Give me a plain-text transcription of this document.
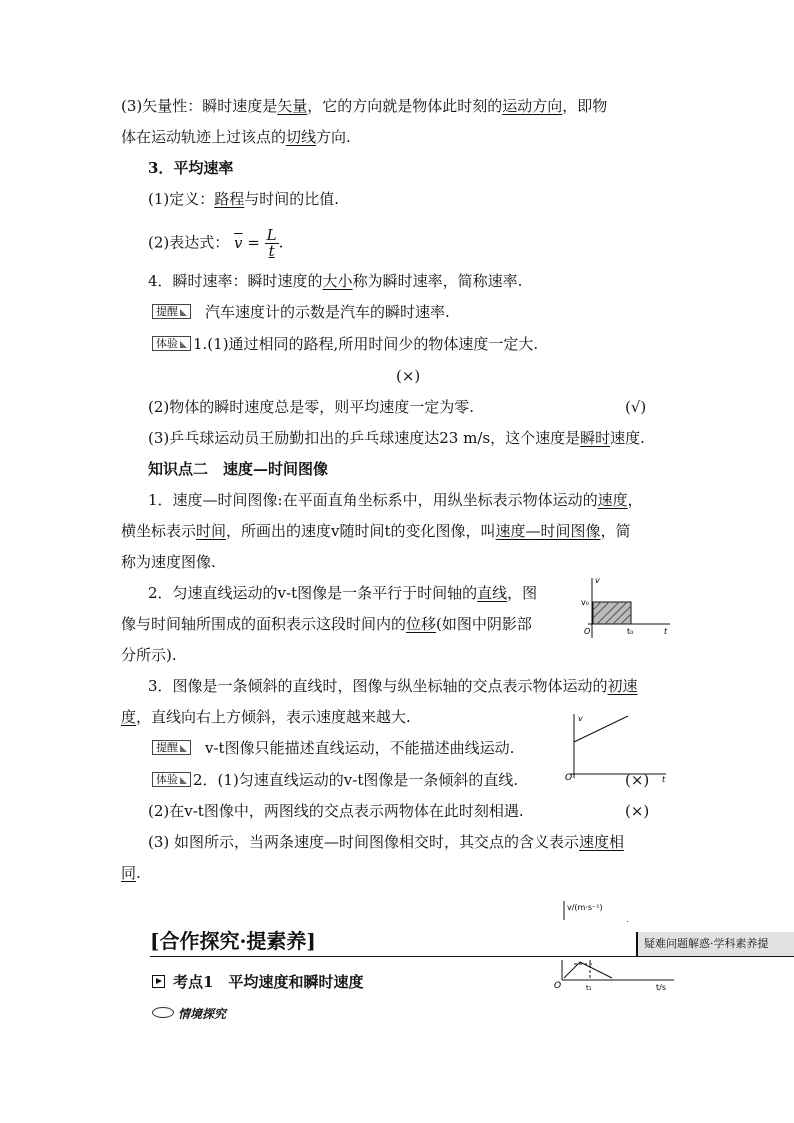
(3)矢量性：瞬时速度是矢量，它的方向就是物体此时刻的运动方向，即物
体在运动轨迹上过该点的切线方向.
3．平均速率
(1)定义：路程与时间的比值.
(2)表达式： $\overline{v} = \frac{L}{t}$ .
4．瞬时速率：瞬时速度的大小称为瞬时速率，简称速率.
提醒 汽车速度计的示数是汽车的瞬时速率.
体验 1.(1)通过相同的路程,所用时间少的物体速度一定大.
(×)
(2)物体的瞬时速度总是零，则平均速度一定为零.	(√)
(3)乒乓球运动员王励勤扣出的乒乓球速度达23 m/s，这个速度是瞬时速度.
知识点二　速度—时间图像
1．速度—时间图像:在平面直角坐标系中，用纵坐标表示物体运动的速度，
横坐标表示时间，所画出的速度v随时间t的变化图像，叫速度—时间图像，简
称为速度图像.
2．匀速直线运动的v-t图像是一条平行于时间轴的直线，图
像与时间轴所围成的面积表示这段时间内的位移(如图中阴影部
分所示).
3．图像是一条倾斜的直线时，图像与纵坐标轴的交点表示物体运动的初速
度，直线向右上方倾斜，表示速度越来越大.
提醒 v-t图像只能描述直线运动，不能描述曲线运动.
体验 2．(1)匀速直线运动的v-t图像是一条倾斜的直线.	(×)
(2)在v-t图像中，两图线的交点表示两物体在此时刻相遇.	(×)
(3) 如图所示，当两条速度—时间图像相交时，其交点的含义表示速度相
同.
v
v₀
O	t₀	t
v
O	t
[合作探究·提素养]	疑难问题解惑·学科素养提
v/(m·s⁻¹)
.
O	t₁	t/s
考点1　平均速度和瞬时速度
情境探究
